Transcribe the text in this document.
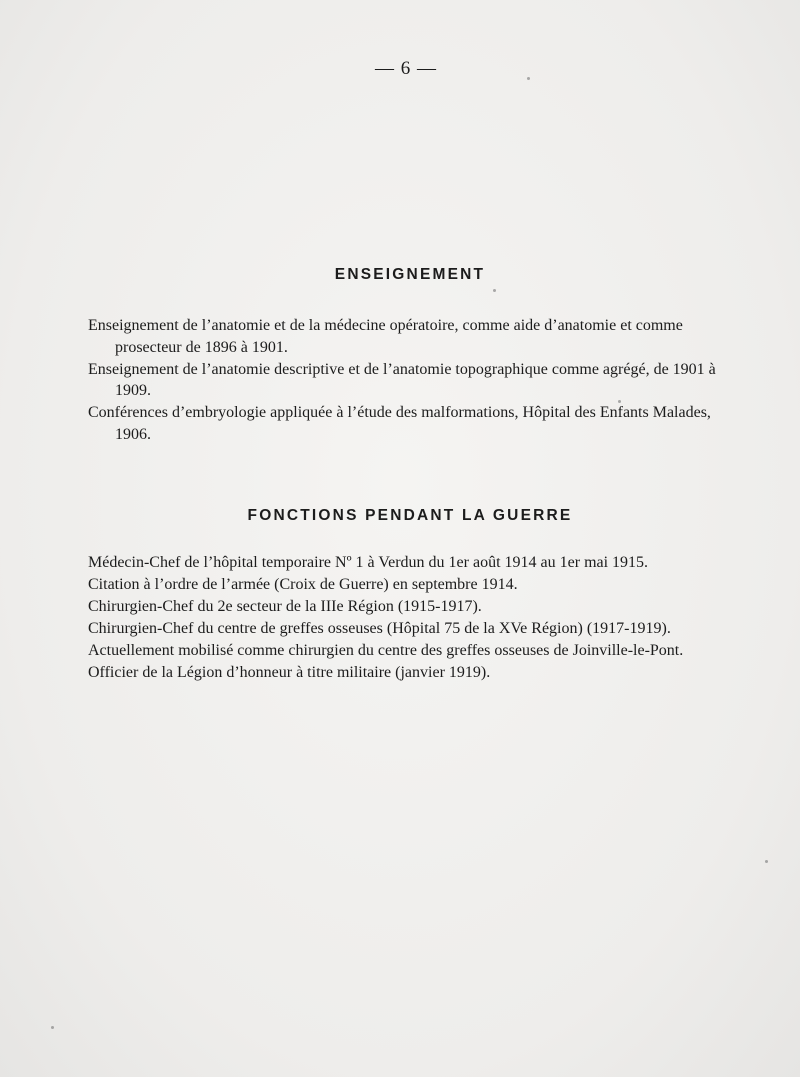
— 6 —
ENSEIGNEMENT

Enseignement de l’anatomie et de la médecine opératoire, comme aide d’anatomie et comme prosecteur de 1896 à 1901.

Enseignement de l’anatomie descriptive et de l’anatomie topographique comme agrégé, de 1901 à 1909.

Conférences d’embryologie appliquée à l’étude des malformations, Hôpital des Enfants Malades, 1906.

FONCTIONS PENDANT LA GUERRE

Médecin-Chef de l’hôpital temporaire Nº 1 à Verdun du 1er août 1914 au 1er mai 1915.

Citation à l’ordre de l’armée (Croix de Guerre) en septembre 1914.

Chirurgien-Chef du 2e secteur de la IIIe Région (1915-1917).

Chirurgien-Chef du centre de greffes osseuses (Hôpital 75 de la XVe Région) (1917-1919).

Actuellement mobilisé comme chirurgien du centre des greffes osseuses de Joinville-le-Pont.

Officier de la Légion d’honneur à titre militaire (janvier 1919).
